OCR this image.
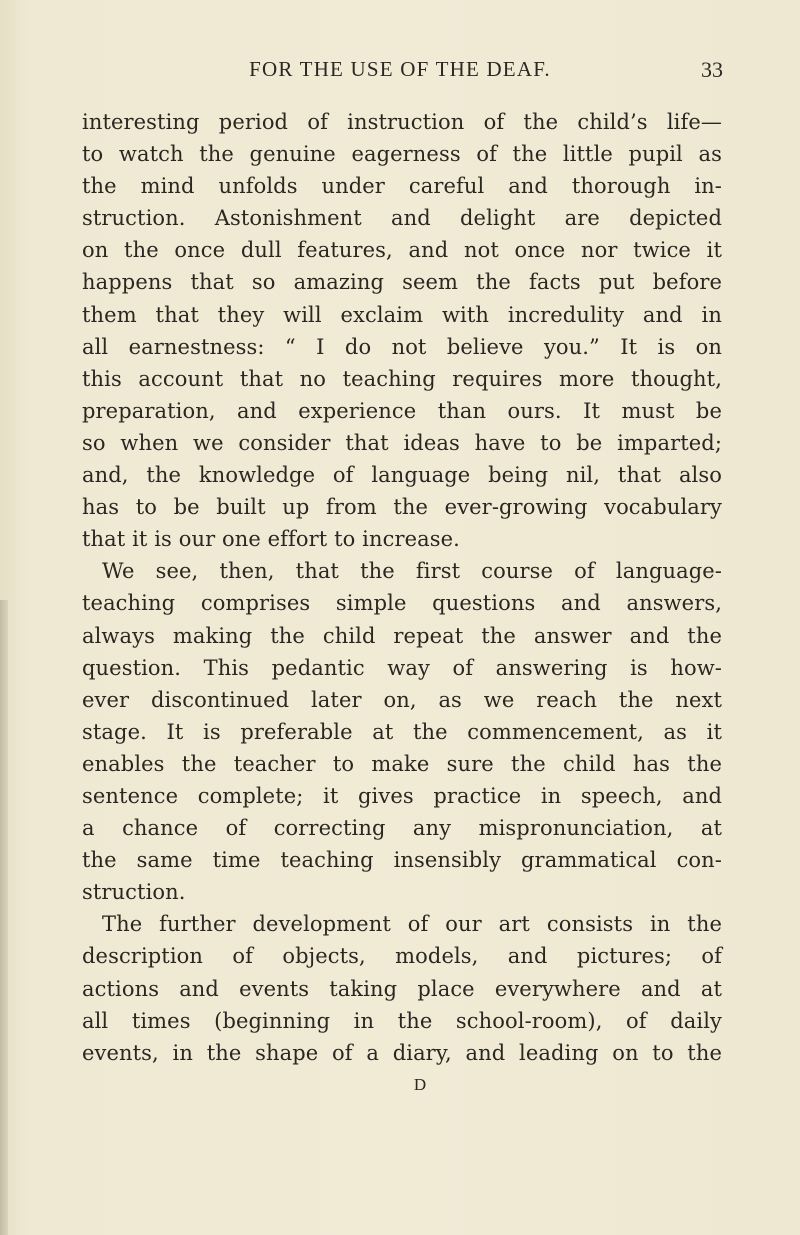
FOR THE USE OF THE DEAF.	33
interesting period of instruction of the child’s life—
to watch the genuine eagerness of the little pupil as
the mind unfolds under careful and thorough in-
struction. Astonishment and delight are depicted
on the once dull features, and not once nor twice it
happens that so amazing seem the facts put before
them that they will exclaim with incredulity and in
all earnestness: “ I do not believe you.” It is on
this account that no teaching requires more thought,
preparation, and experience than ours. It must be
so when we consider that ideas have to be imparted;
and, the knowledge of language being nil, that also
has to be built up from the ever-growing vocabulary
that it is our one effort to increase.
We see, then, that the first course of language-
teaching comprises simple questions and answers,
always making the child repeat the answer and the
question. This pedantic way of answering is how-
ever discontinued later on, as we reach the next
stage. It is preferable at the commencement, as it
enables the teacher to make sure the child has the
sentence complete; it gives practice in speech, and
a chance of correcting any mispronunciation, at
the same time teaching insensibly grammatical con-
struction.
The further development of our art consists in the
description of objects, models, and pictures; of
actions and events taking place everywhere and at
all times (beginning in the school-room), of daily
events, in the shape of a diary, and leading on to the
D
